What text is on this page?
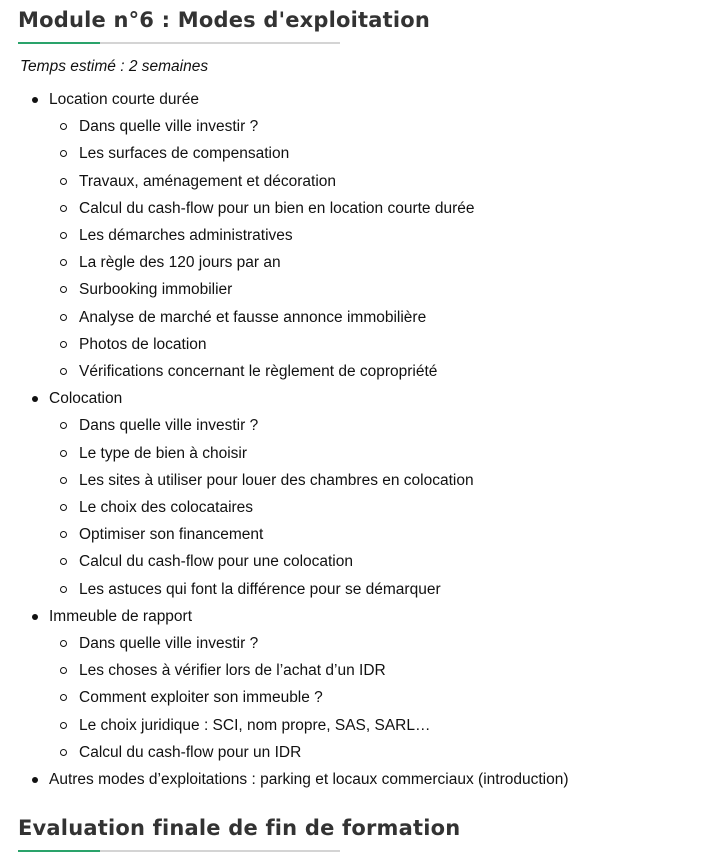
Module n°6 : Modes d'exploitation
Temps estimé : 2 semaines
Location courte durée
Dans quelle ville investir ?
Les surfaces de compensation
Travaux, aménagement et décoration
Calcul du cash-flow pour un bien en location courte durée
Les démarches administratives
La règle des 120 jours par an
Surbooking immobilier
Analyse de marché et fausse annonce immobilière
Photos de location
Vérifications concernant le règlement de copropriété
Colocation
Dans quelle ville investir ?
Le type de bien à choisir
Les sites à utiliser pour louer des chambres en colocation
Le choix des colocataires
Optimiser son financement
Calcul du cash-flow pour une colocation
Les astuces qui font la différence pour se démarquer
Immeuble de rapport
Dans quelle ville investir ?
Les choses à vérifier lors de l’achat d’un IDR
Comment exploiter son immeuble ?
Le choix juridique : SCI, nom propre, SAS, SARL…
Calcul du cash-flow pour un IDR
Autres modes d’exploitations : parking et locaux commerciaux (introduction)
Evaluation finale de fin de formation
